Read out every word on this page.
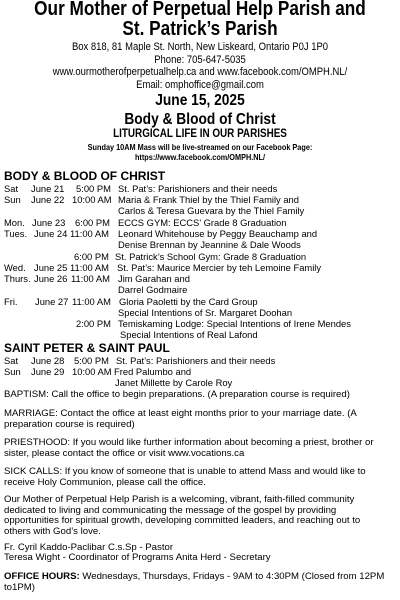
Our Mother of Perpetual Help Parish and
St. Patrick’s Parish
Box 818, 81 Maple St. North, New Liskeard, Ontario P0J 1P0
Phone: 705-647-5035
www.ourmotherofperpetualhelp.ca and www.facebook.com/OMPH.NL/
Email: omphoffice@gmail.com
June 15, 2025
Body & Blood of Christ
LITURGICAL LIFE IN OUR PARISHES
Sunday 10AM Mass will be live-streamed on our Facebook Page:
https://www.facebook.com/OMPH.NL/
BODY & BLOOD OF CHRIST
Sat June 21 5:00 PM St. Pat’s: Parishioners and their needs
Sun June 22 10:00 AM Maria & Frank Thiel by the Thiel Family and
Carlos & Teresa Guevara by the Thiel Family
Mon. June 23 6:00 PM ECCS GYM: ECCS’ Grade 8 Graduation
Tues. June 24 11:00 AM Leonard Whitehouse by Peggy Beauchamp and
Denise Brennan by Jeannine & Dale Woods
6:00 PM St. Patrick’s School Gym: Grade 8 Graduation
Wed. June 25 11:00 AM St. Pat’s: Maurice Mercier by teh Lemoine Family
Thurs. June 26 11:00 AM Jim Garahan and
Darrel Godmaire
Fri. June 27 11:00 AM Gloria Paoletti by the Card Group
Special Intentions of Sr. Margaret Doohan
2:00 PM Temiskaming Lodge: Special Intentions of Irene Mendes
Special Intentions of Real Lafond
SAINT PETER & SAINT PAUL
Sat June 28 5:00 PM St. Pat’s: Parishioners and their needs
Sun June 29 10:00 AM Fred Palumbo and
Janet Millette by Carole Roy
BAPTISM: Call the office to begin preparations. (A preparation course is required)
MARRIAGE: Contact the office at least eight months prior to your marriage date. (A preparation course is required)
PRIESTHOOD: If you would like further information about becoming a priest, brother or sister, please contact the office or visit www.vocations.ca
SICK CALLS: If you know of someone that is unable to attend Mass and would like to receive Holy Communion, please call the office.
Our Mother of Perpetual Help Parish is a welcoming, vibrant, faith-filled community dedicated to living and communicating the message of the gospel by providing opportunities for spiritual growth, developing committed leaders, and reaching out to others with God’s love.
Fr. Cyril Kaddo-Paclibar C.s.Sp - Pastor
Teresa Wight - Coordinator of Programs Anita Herd - Secretary
OFFICE HOURS: Wednesdays, Thursdays, Fridays - 9AM to 4:30PM (Closed from 12PM to1PM)
